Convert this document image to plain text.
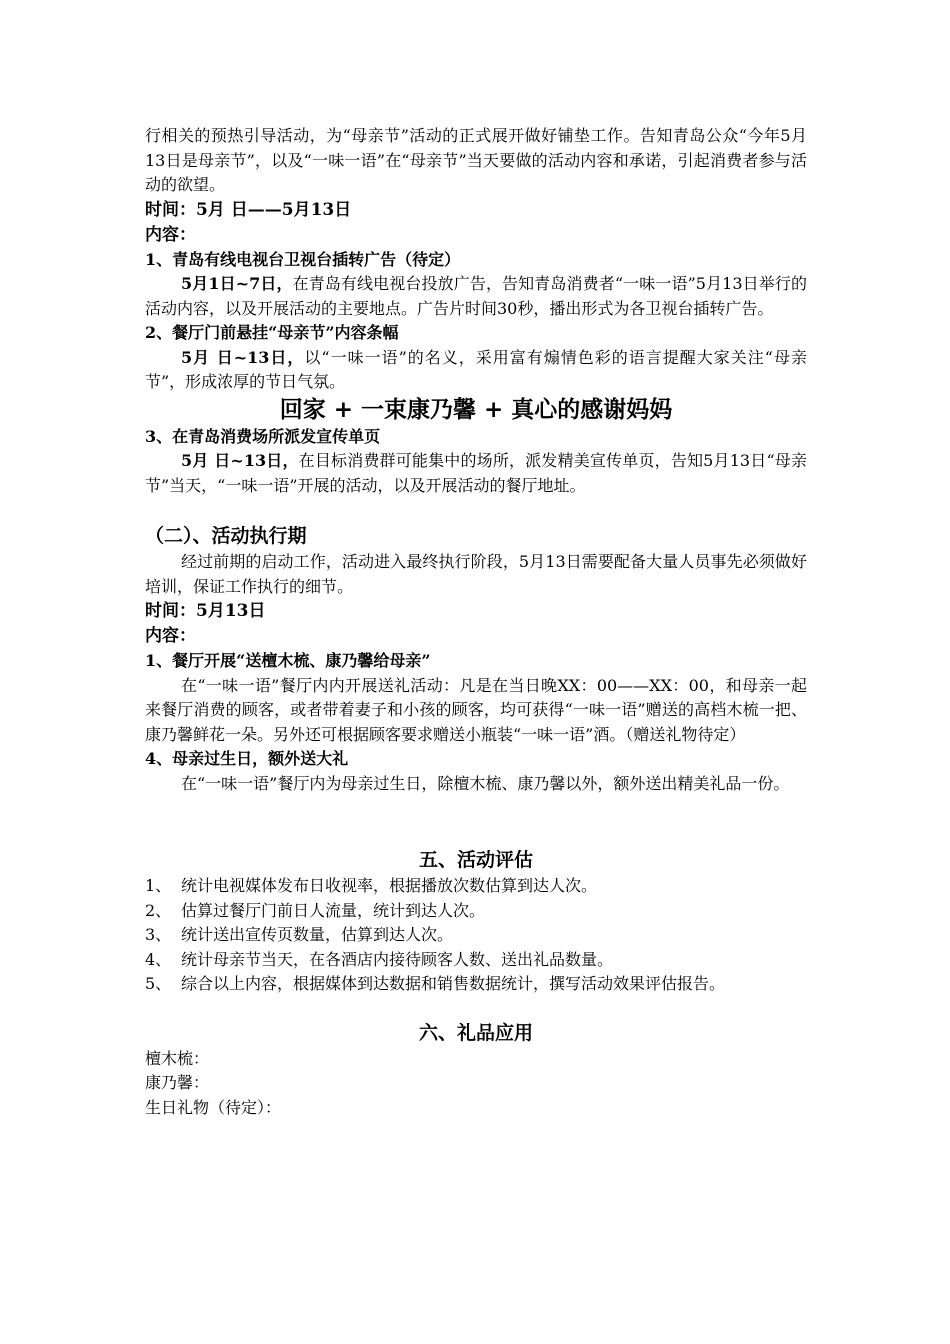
行相关的预热引导活动，为“母亲节”活动的正式展开做好铺垫工作。告知青岛公众“今年5月13日是母亲节”，以及“一味一语”在“母亲节”当天要做的活动内容和承诺，引起消费者参与活动的欲望。

时间：5月 日——5月13日
内容：
1、青岛有线电视台卫视台插转广告（待定）

5月1日~7日，在青岛有线电视台投放广告，告知青岛消费者“一味一语”5月13日举行的活动内容，以及开展活动的主要地点。广告片时间30秒，播出形式为各卫视台插转广告。

2、餐厅门前悬挂“母亲节”内容条幅

5月 日~13日，以“一味一语”的名义，采用富有煽情色彩的语言提醒大家关注“母亲节”，形成浓厚的节日气氛。

回家 + 一束康乃馨 + 真心的感谢妈妈
3、在青岛消费场所派发宣传单页

5月 日~13日，在目标消费群可能集中的场所，派发精美宣传单页，告知5月13日“母亲节”当天，“一味一语”开展的活动，以及开展活动的餐厅地址。

（二）、活动执行期

经过前期的启动工作，活动进入最终执行阶段，5月13日需要配备大量人员事先必须做好培训，保证工作执行的细节。

时间：5月13日
内容：
1、餐厅开展“送檀木梳、康乃馨给母亲”

在“一味一语”餐厅内内开展送礼活动：凡是在当日晚XX：00——XX：00，和母亲一起来餐厅消费的顾客，或者带着妻子和小孩的顾客，均可获得“一味一语”赠送的高档木梳一把、康乃馨鲜花一朵。另外还可根据顾客要求赠送小瓶装“一味一语”酒。（赠送礼物待定）

4、母亲过生日，额外送大礼

在“一味一语”餐厅内为母亲过生日，除檀木梳、康乃馨以外，额外送出精美礼品一份。

五、活动评估
1、 统计电视媒体发布日收视率，根据播放次数估算到达人次。
2、 估算过餐厅门前日人流量，统计到达人次。
3、 统计送出宣传页数量，估算到达人次。
4、 统计母亲节当天，在各酒店内接待顾客人数、送出礼品数量。
5、 综合以上内容，根据媒体到达数据和销售数据统计，撰写活动效果评估报告。
六、礼品应用
檀木梳：
康乃馨：
生日礼物（待定）：
